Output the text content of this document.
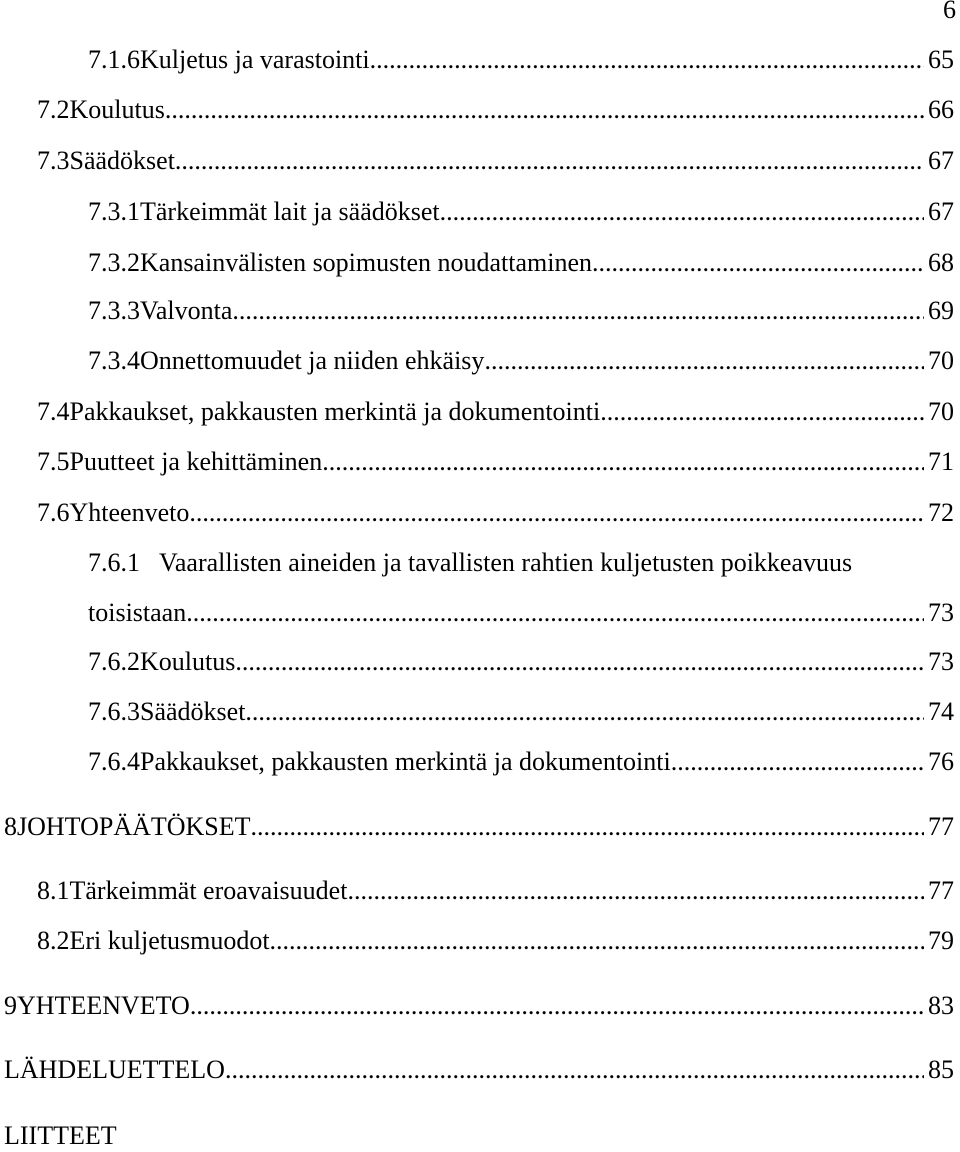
6
7.1.6 Kuljetus ja varastointi .....	65
7.2 Koulutus .....	66
7.3 Säädökset .....	67
7.3.1 Tärkeimmät lait ja säädökset .....	67
7.3.2 Kansainvälisten sopimusten noudattaminen .....	68
7.3.3 Valvonta .....	69
7.3.4 Onnettomuudet ja niiden ehkäisy .....	70
7.4 Pakkaukset, pakkausten merkintä ja dokumentointi .....	70
7.5 Puutteet ja kehittäminen .....	71
7.6 Yhteenveto .....	72
7.6.1 Vaarallisten aineiden ja tavallisten rahtien kuljetusten poikkeavuus
toisistaan .....	73
7.6.2 Koulutus .....	73
7.6.3 Säädökset .....	74
7.6.4 Pakkaukset, pakkausten merkintä ja dokumentointi .....	76
8 JOHTOPÄÄTÖKSET .....	77
8.1 Tärkeimmät eroavaisuudet .....	77
8.2 Eri kuljetusmuodot .....	79
9 YHTEENVETO .....	83
LÄHDELUETTELO .....	85
LIITTEET
